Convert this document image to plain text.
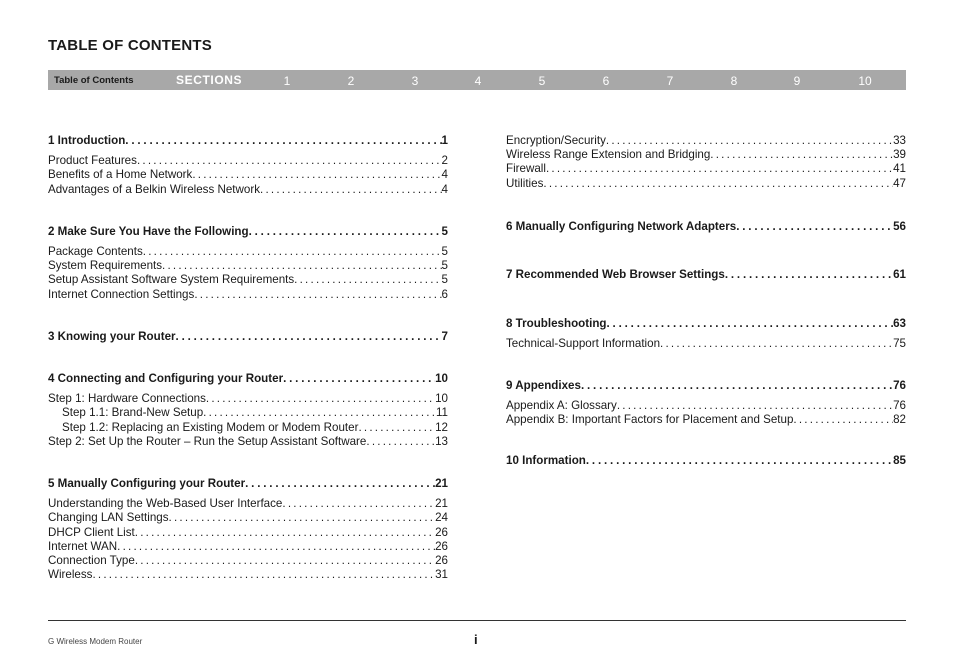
TABLE OF CONTENTS
Table of Contents	SECTIONS	1	2	3	4	5	6	7	8	9	10
1 Introduction . . .	1
Product Features . . .	2
Benefits of a Home Network . . .	4
Advantages of a Belkin Wireless Network . . .	4
2 Make Sure You Have the Following . . .	5
Package Contents . . .	5
System Requirements . . .	5
Setup Assistant Software System Requirements . . .	5
Internet Connection Settings . . .	6
3 Knowing your Router . . .	7
4 Connecting and Configuring your Router . . .	10
Step 1: Hardware Connections . . .	10
Step 1.1: Brand-New Setup . . .	11
Step 1.2: Replacing an Existing Modem or Modem Router . . .	12
Step 2: Set Up the Router – Run the Setup Assistant Software . . .	13
5 Manually Configuring your Router . . .	21
Understanding the Web-Based User Interface . . .	21
Changing LAN Settings . . .	24
DHCP Client List . . .	26
Internet WAN . . .	26
Connection Type . . .	26
Wireless . . .	31
Encryption/Security . . .	33
Wireless Range Extension and Bridging . . .	39
Firewall . . .	41
Utilities . . .	47
6 Manually Configuring Network Adapters . . .	56
7 Recommended Web Browser Settings . . .	61
8 Troubleshooting . . .	63
Technical-Support Information . . .	75
9 Appendixes . . .	76
Appendix A: Glossary . . .	76
Appendix B: Important Factors for Placement and Setup . . .	82
10 Information . . .	85
G Wireless Modem Router	i
